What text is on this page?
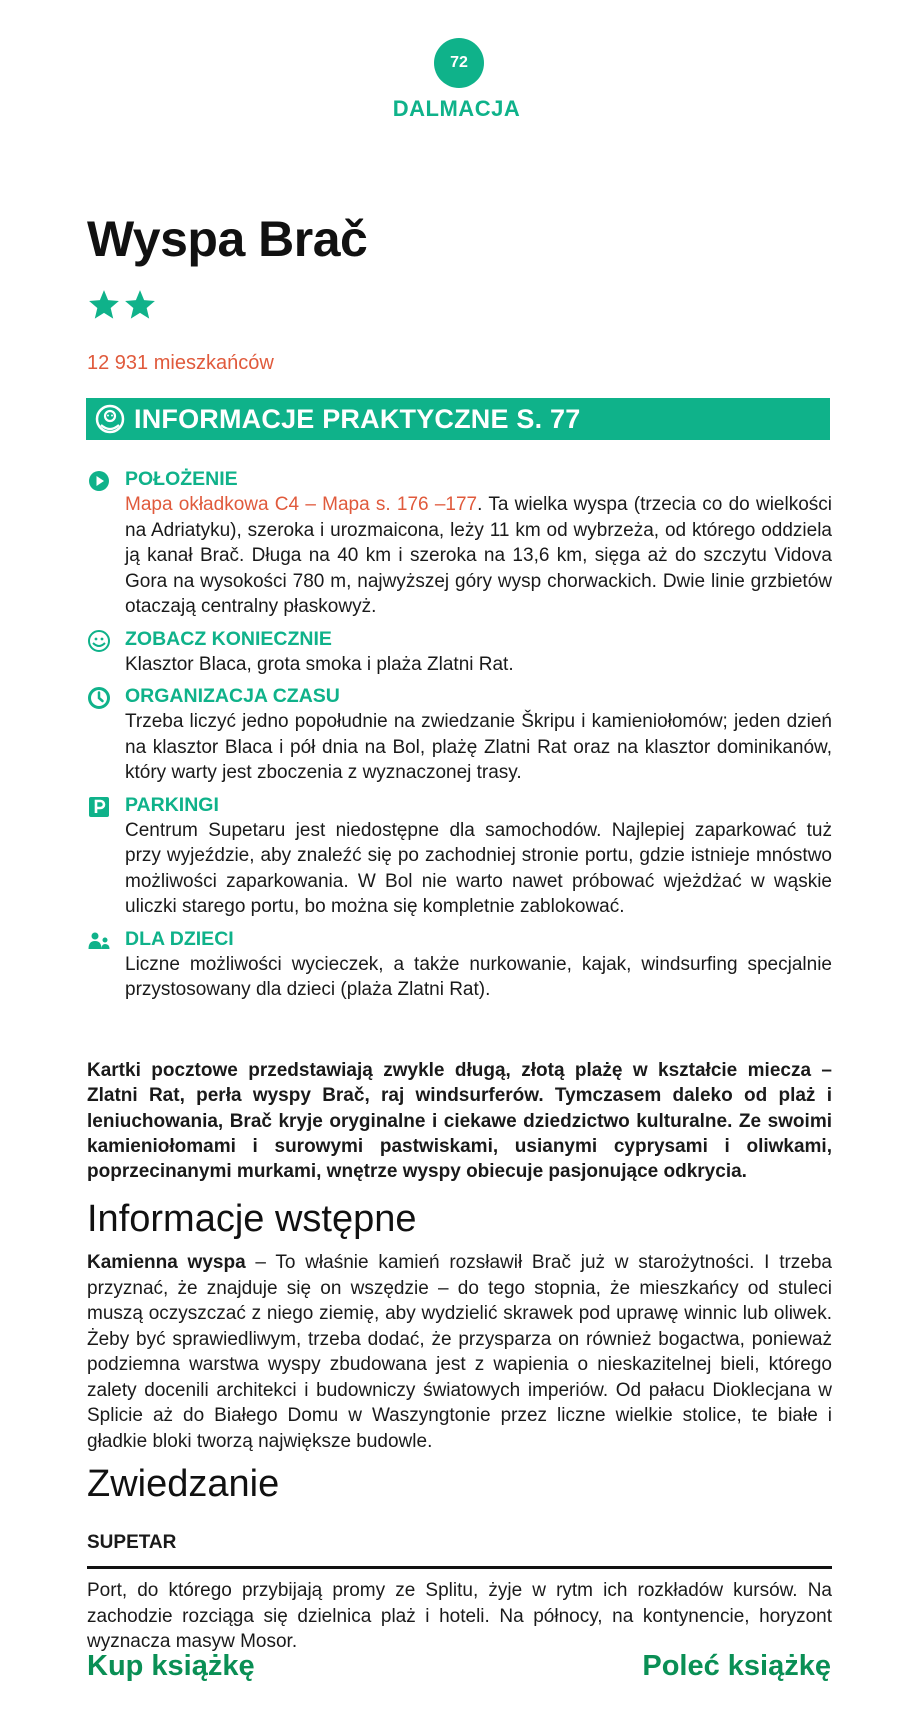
72
DALMACJA
Wyspa Brač
12 931 mieszkańców
INFORMACJE PRAKTYCZNE S. 77
POŁOŻENIE
Mapa okładkowa C4 – Mapa s. 176 –177. Ta wielka wyspa (trzecia co do wielkości na Adriatyku), szeroka i urozmaicona, leży 11 km od wybrzeża, od którego oddziela ją kanał Brač. Długa na 40 km i szeroka na 13,6 km, sięga aż do szczytu Vidova Gora na wysokości 780 m, najwyższej góry wysp chorwackich. Dwie linie grzbietów otaczają centralny płaskowyż.
ZOBACZ KONIECZNIE
Klasztor Blaca, grota smoka i plaża Zlatni Rat.
ORGANIZACJA CZASU
Trzeba liczyć jedno popołudnie na zwiedzanie Škripu i kamieniołomów; jeden dzień na klasztor Blaca i pół dnia na Bol, plażę Zlatni Rat oraz na klasztor dominikanów, który warty jest zboczenia z wyznaczonej trasy.
PARKINGI
Centrum Supetaru jest niedostępne dla samochodów. Najlepiej zaparkować tuż przy wyjeździe, aby znaleźć się po zachodniej stronie portu, gdzie istnieje mnóstwo możliwości zaparkowania. W Bol nie warto nawet próbować wjeżdżać w wąskie uliczki starego portu, bo można się kompletnie zablokować.
DLA DZIECI
Liczne możliwości wycieczek, a także nurkowanie, kajak, windsurfing specjalnie przystosowany dla dzieci (plaża Zlatni Rat).
Kartki pocztowe przedstawiają zwykle długą, złotą plażę w kształcie miecza – Zlatni Rat, perła wyspy Brač, raj windsurferów. Tymczasem daleko od plaż i leniuchowania, Brač kryje oryginalne i ciekawe dziedzictwo kulturalne. Ze swoimi kamieniołomami i surowymi pastwiskami, usianymi cyprysami i oliwkami, poprzecinanymi murkami, wnętrze wyspy obiecuje pasjonujące odkrycia.
Informacje wstępne
Kamienna wyspa – To właśnie kamień rozsławił Brač już w starożytności. I trzeba przyznać, że znajduje się on wszędzie – do tego stopnia, że mieszkańcy od stuleci muszą oczyszczać z niego ziemię, aby wydzielić skrawek pod uprawę winnic lub oliwek. Żeby być sprawiedliwym, trzeba dodać, że przysparza on również bogactwa, ponieważ podziemna warstwa wyspy zbudowana jest z wapienia o nieskazitelnej bieli, którego zalety docenili architekci i budowniczy światowych imperiów. Od pałacu Dioklecjana w Splicie aż do Białego Domu w Waszyngtonie przez liczne wielkie stolice, te białe i gładkie bloki tworzą największe budowle.
Zwiedzanie
SUPETAR
Port, do którego przybijają promy ze Splitu, żyje w rytm ich rozkładów kursów. Na zachodzie rozciąga się dzielnica plaż i hoteli. Na północy, na kontynencie, horyzont wyznacza masyw Mosor.
Kup książkę	Poleć książkę
